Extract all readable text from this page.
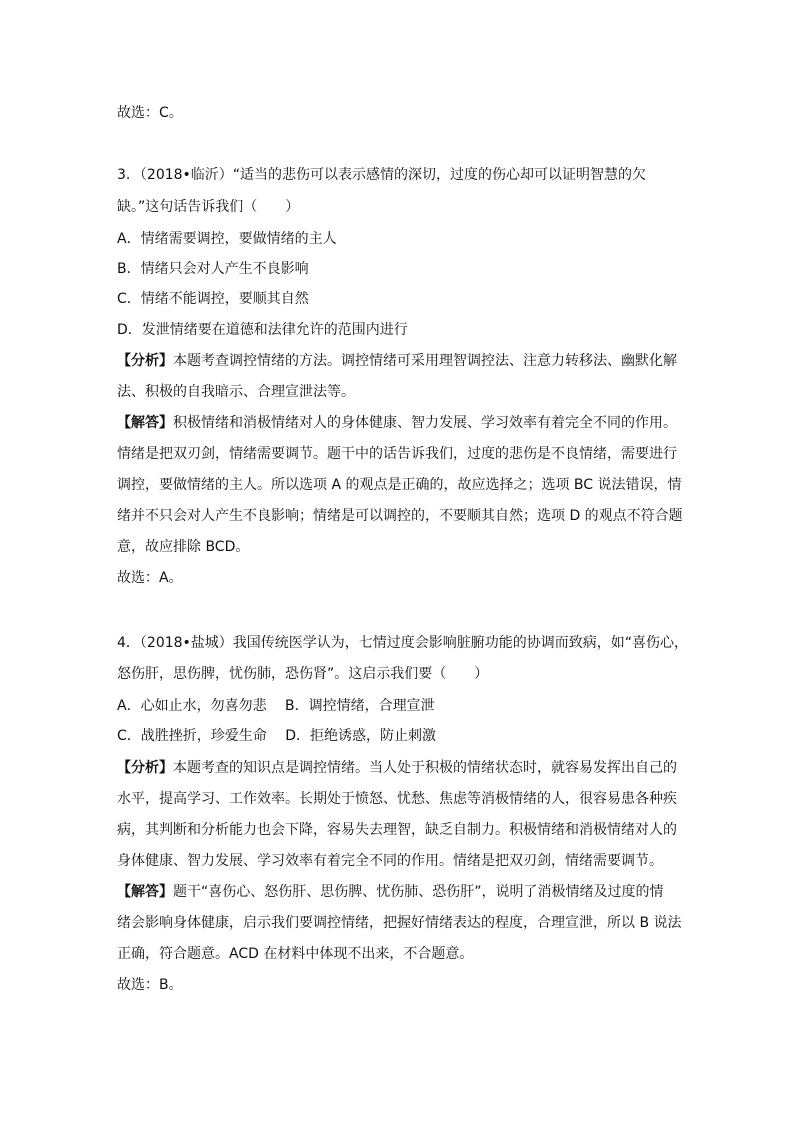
故选：C。
3．（2018•临沂）“适当的悲伤可以表示感情的深切，过度的伤心却可以证明智慧的欠
缺。”这句话告诉我们（　　）
A．情绪需要调控，要做情绪的主人
B．情绪只会对人产生不良影响
C．情绪不能调控，要顺其自然
D．发泄情绪要在道德和法律允许的范围内进行
【分析】本题考查调控情绪的方法。调控情绪可采用理智调控法、注意力转移法、幽默化解
法、积极的自我暗示、合理宣泄法等。
【解答】积极情绪和消极情绪对人的身体健康、智力发展、学习效率有着完全不同的作用。
情绪是把双刃剑，情绪需要调节。题干中的话告诉我们，过度的悲伤是不良情绪，需要进行
调控，要做情绪的主人。所以选项 A 的观点是正确的，故应选择之；选项 BC 说法错误，情
绪并不只会对人产生不良影响；情绪是可以调控的，不要顺其自然；选项 D 的观点不符合题
意，故应排除 BCD。
故选：A。
4．（2018•盐城）我国传统医学认为，七情过度会影响脏腑功能的协调而致病，如“喜伤心，
怒伤肝，思伤脾，忧伤肺，恐伤肾”。这启示我们要（　　）
A．心如止水，勿喜勿悲　 B．调控情绪，合理宣泄
C．战胜挫折，珍爱生命　 D．拒绝诱惑，防止刺激
【分析】本题考查的知识点是调控情绪。当人处于积极的情绪状态时，就容易发挥出自己的
水平，提高学习、工作效率。长期处于愤怒、忧愁、焦虑等消极情绪的人，很容易患各种疾
病，其判断和分析能力也会下降，容易失去理智，缺乏自制力。积极情绪和消极情绪对人的
身体健康、智力发展、学习效率有着完全不同的作用。情绪是把双刃剑，情绪需要调节。
【解答】题干“喜伤心、怒伤肝、思伤脾、忧伤肺、恐伤肝”，说明了消极情绪及过度的情
绪会影响身体健康，启示我们要调控情绪，把握好情绪表达的程度，合理宣泄，所以 B 说法
正确，符合题意。ACD 在材料中体现不出来，不合题意。
故选：B。
